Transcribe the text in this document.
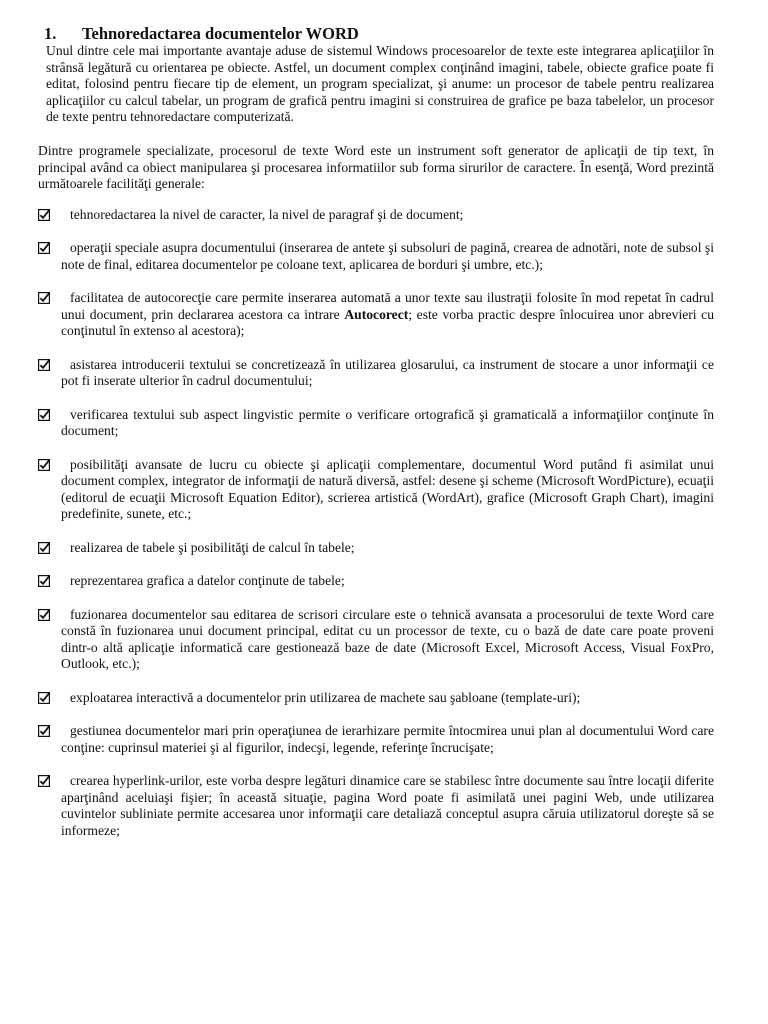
1.	Tehnoredactarea documentelor WORD

Unul dintre cele mai importante avantaje aduse de sistemul Windows procesoarelor de texte este integrarea aplicaţiilor în strânsă legătură cu orientarea pe obiecte. Astfel, un document complex conţinând imagini, tabele, obiecte grafice poate fi editat, folosind pentru fiecare tip de element, un program specializat, şi anume: un procesor de tabele pentru realizarea aplicaţiilor cu calcul tabelar, un program de grafică pentru imagini si construirea de grafice pe baza tabelelor, un procesor de texte pentru tehnoredactare computerizată.

Dintre programele specializate, procesorul de texte Word este un instrument soft generator de aplicaţii de tip text, în principal având ca obiect manipularea şi procesarea informatiilor sub forma sirurilor de caractere. În esenţă, Word prezintă următoarele facilităţi generale:

tehnoredactarea la nivel de caracter, la nivel de paragraf şi de document;
operaţii speciale asupra documentului (inserarea de antete şi subsoluri de pagină, crearea de adnotări, note de subsol şi note de final, editarea documentelor pe coloane text, aplicarea de borduri şi umbre, etc.);
facilitatea de autocorecţie care permite inserarea automată a unor texte sau ilustraţii folosite în mod repetat în cadrul unui document, prin declararea acestora ca intrare Autocorect; este vorba practic despre înlocuirea unor abrevieri cu conţinutul în extenso al acestora);
asistarea introducerii textului se concretizează în utilizarea glosarului, ca instrument de stocare a unor informaţii ce pot fi inserate ulterior în cadrul documentului;
verificarea textului sub aspect lingvistic permite o verificare ortografică şi gramaticală a informaţiilor conţinute în document;
posibilităţi avansate de lucru cu obiecte şi aplicaţii complementare, documentul Word putând fi asimilat unui document complex, integrator de informaţii de natură diversă, astfel: desene şi scheme (Microsoft WordPicture), ecuaţii (editorul de ecuaţii Microsoft Equation Editor), scrierea artistică (WordArt), grafice (Microsoft Graph Chart), imagini predefinite, sunete, etc.;
realizarea de tabele şi posibilităţi de calcul în tabele;
reprezentarea grafica a datelor conţinute de tabele;
fuzionarea documentelor sau editarea de scrisori circulare este o tehnică avansata a procesorului de texte Word care constă în fuzionarea unui document principal, editat cu un processor de texte, cu o bază de date care poate proveni dintr-o altă aplicaţie informatică care gestionează baze de date (Microsoft Excel, Microsoft Access, Visual FoxPro, Outlook, etc.);
exploatarea interactivă a documentelor prin utilizarea de machete sau şabloane (template-uri);
gestiunea documentelor mari prin operaţiunea de ierarhizare permite întocmirea unui plan al documentului Word care conţine: cuprinsul materiei şi al figurilor, indecşi, legende, referinţe încrucişate;
crearea hyperlink-urilor, este vorba despre legături dinamice care se stabilesc între documente sau între locaţii diferite aparţinând aceluiaşi fişier; în această situaţie, pagina Word poate fi asimilată unei pagini Web, unde utilizarea cuvintelor subliniate permite accesarea unor informaţii care detaliază conceptul asupra căruia utilizatorul doreşte să se informeze;
